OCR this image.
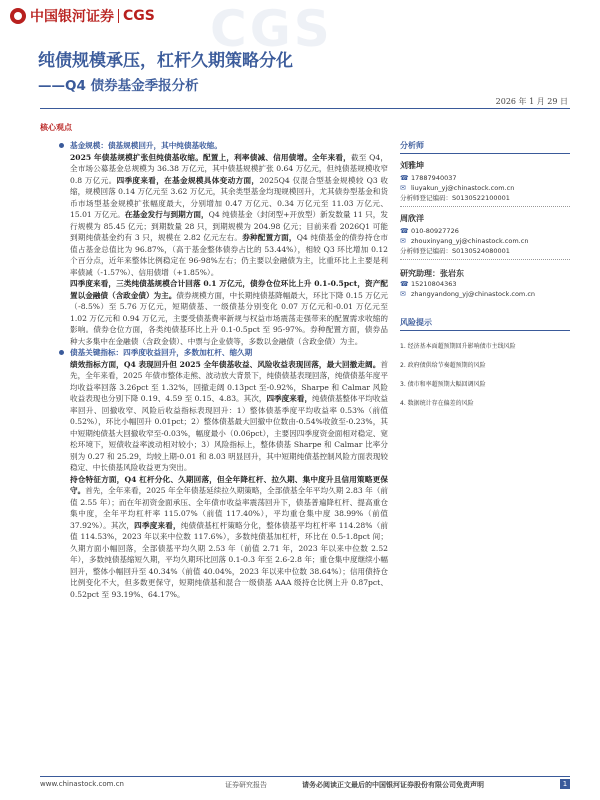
中国银河证券 CGS CGS
纯债规模承压，杠杆久期策略分化
——Q4 债券基金季报分析
2026 年 1 月 29 日
核心观点
基金规模：债基规模回升，其中纯债基收缩。

2025 年债基规模扩张但纯债基收缩。配置上，利率债减、信用债增。全年来看，截至 Q4，全市场公募基金总规模为 36.38 万亿元，其中债基规模扩张 0.64 万亿元，但纯债基规模收窄 0.8 万亿元。四季度来看，在基金规模具体变动方面，2025Q4 仅混合型基金规模较 Q3 收缩，规模回落 0.14 万亿元至 3.62 万亿元，其余类型基金均现规模回升，尤其债券型基金和货币市场型基金规模扩张幅度最大，分别增加 0.47 万亿元、0.34 万亿元至 11.03 万亿元、15.01 万亿元。在基金发行与到期方面，Q4 纯债基金（封闭型+开放型）新发数量 11 只，发行规模为 85.45 亿元；到期数量 28 只，到期规模为 204.98 亿元；目前来看 2026Q1 可能到期纯债基金约有 3 只，规模在 2.82 亿元左右。券种配置方面，Q4 纯债基金的债券持仓市值占基金总值比为 96.87%，（高于基金整体债券占比的 53.44%），相较 Q3 环比增加 0.12 个百分点，近年来整体比例稳定在 96-98%左右；仍主要以金融债为主，比重环比上主要是利率债减（-1.57%）、信用债增（+1.85%）。

四季度来看，三类纯债基规模合计回落 0.1 万亿元，债券仓位环比上升 0.1-0.5pct，资产配置以金融债（含政金债）为主。债券规模方面，中长期纯债基降幅最大，环比下降 0.15 万亿元（-8.5%）至 5.76 万亿元，短期债基、一级债基分别变化 0.07 万亿元和-0.01 万亿元至 1.02 万亿元和 0.94 万亿元，主要受债基费率新规与权益市场震荡走强带来的配置需求收缩的影响。债券仓位方面，各类纯债基环比上升 0.1-0.5pct 至 95-97%。券种配置方面，债券品种大多集中在金融债（含政金债）、中票与企业债等，多数以金融债（含政金债）为主。

债基关键指标：四季度收益回升，多数加杠杆、缩久期

绩效指标方面，Q4 表现回升但 2025 全年债基收益、风险收益表现回落，最大回撤走阔。首先，全年来看，2025 年债市整体走熊、波动放大背景下，纯债债基表现回落，纯债债基年度平均收益率回落 3.26pct 至 1.32%，回撤走阔 0.13pct 至-0.92%，Sharpe 和 Calmar 风险收益表现也分别下降 0.19、4.59 至 0.15、4.83。其次，四季度来看，纯债债基整体平均收益率回升、回撤收窄、风险后收益指标表现回升：1）整体债基季度平均收益率 0.53%（前值 0.52%），环比小幅回升 0.01pct；2）整体债基最大回撤中位数由-0.54%收敛至-0.23%，其中短期纯债基大回撤收窄至-0.03%，幅度最小（0.06pct），主要因四季度资金面相对稳定、宽松环境下，短债收益率波动相对较小；3）风险指标上，整体债基 Sharpe 和 Calmar 比率分别为 0.27 和 25.29，均较上期-0.01 和 8.03 明显回升，其中短期纯债基控制风险方面表现较稳定、中长债基风险收益更为突出。

持仓特征方面，Q4 杠杆分化、久期回落，但全年降杠杆、拉久期、集中度升且信用策略更保守。首先，全年来看，2025 年全年债基延续拉久期策略，全部债基全年平均久期 2.83 年（前值 2.55 年）；而在年初资金面承压、全年债市收益率震荡回升下，债基普遍降杠杆、提高重仓集中度，全年平均杠杆率 115.07%（前值 117.40%），平均重仓集中度 38.99%（前值 37.92%）。其次，四季度来看，纯债债基杠杆策略分化，整体债基平均杠杆率 114.28%（前值 114.53%，2023 年以来中位数 117.6%），多数纯债基加杠杆，环比在 0.5-1.8pct 间；久期方面小幅回落，全部债基平均久期 2.53 年（前值 2.71 年，2023 年以来中位数 2.52 年），多数纯债基缩短久期，平均久期环比回落 0.1-0.3 年至 2.6-2.8 年；重仓集中度继续小幅回升，整体小幅回升至 40.34%（前值 40.04%，2023 年以来中位数 38.64%）；信用债持仓比例变化不大，但多数更保守，短期纯债基和混合一级债基 AAA 级持仓比例上升 0.87pct、0.52pct 至 93.19%、64.17%。

分析师
刘雅坤
☎ 17887940037
✉ liuyakun_yj@chinastock.com.cn
分析师登记编码：S0130522100001
周欣洋
☎ 010-80927726
✉ zhouxinyang_yj@chinastock.com.cn
分析师登记编码：S0130524080001
研究助理：张岩东
☎ 15210804363
✉ zhangyandong_yj@chinastock.com.cn
风险提示
1. 经济基本面超预期回升影响债市主线风险
2. 政府债供给节奏超预期的风险
3. 债市和率超预期大幅回调风险
4. 数据统计存在偏差的风险
www.chinastock.com.cn	证券研究报告	请务必阅读正文最后的中国银河证券股份有限公司免责声明	1
